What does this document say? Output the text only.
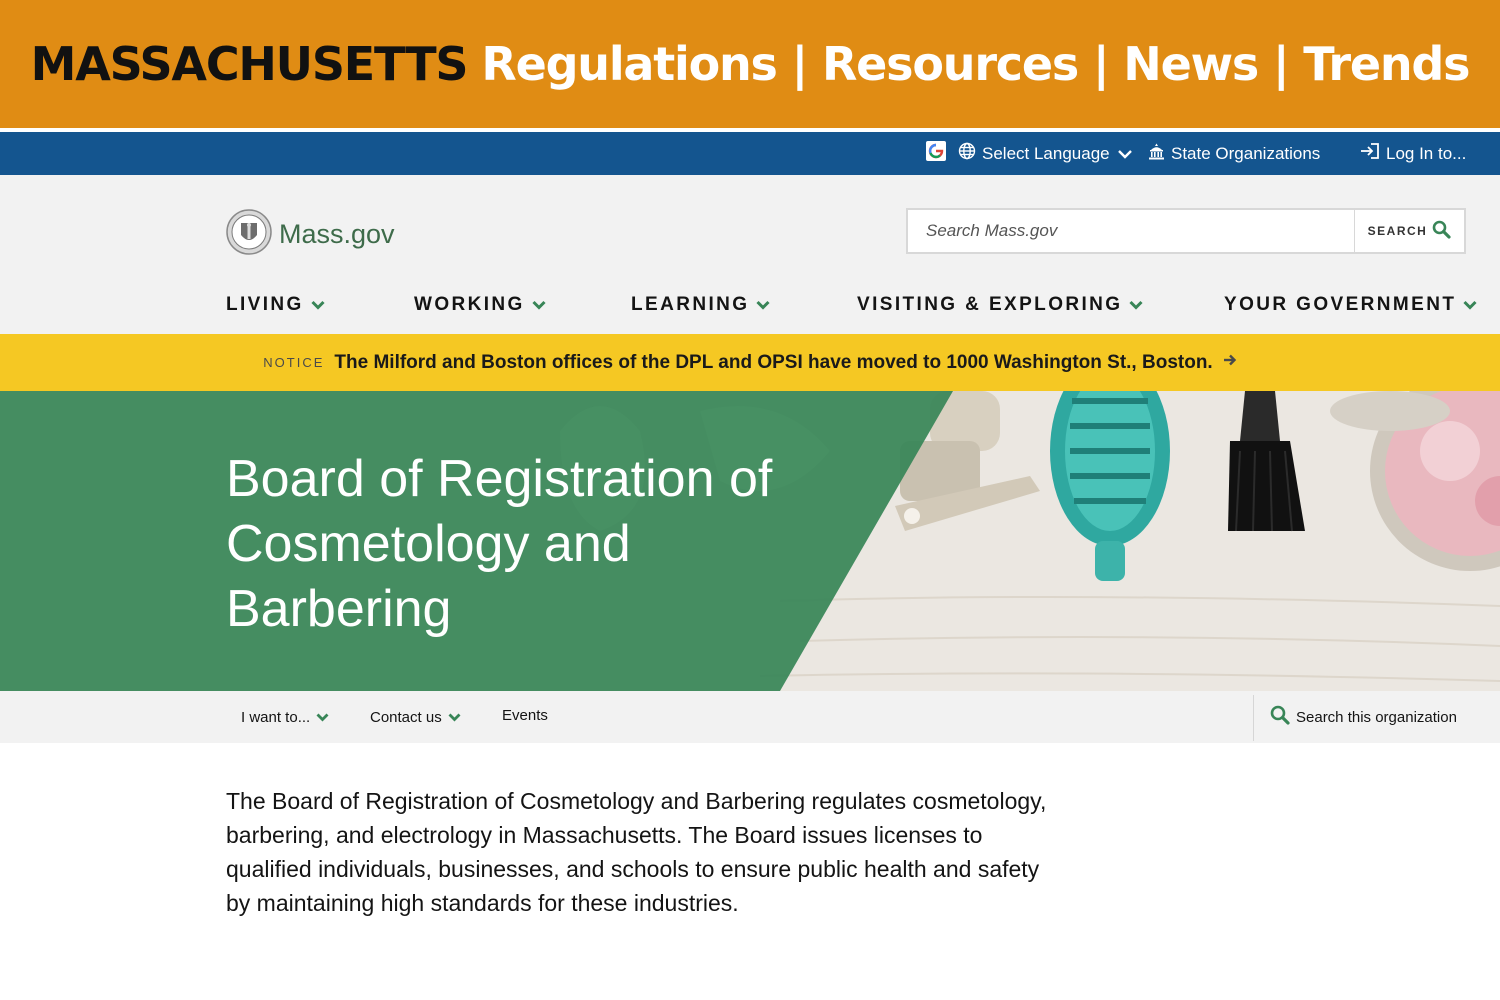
MASSACHUSETTS Regulations | Resources | News | Trends
Select Language	State Organizations	Log In to...
Mass.gov
Search Mass.gov	SEARCH
LIVING	WORKING	LEARNING	VISITING & EXPLORING	YOUR GOVERNMENT
NOTICE The Milford and Boston offices of the DPL and OPSI have moved to 1000 Washington St., Boston.
Board of Registration of Cosmetology and Barbering
I want to...	Contact us	Events	Search this organization

The Board of Registration of Cosmetology and Barbering regulates cosmetology, barbering, and electrology in Massachusetts. The Board issues licenses to qualified individuals, businesses, and schools to ensure public health and safety by maintaining high standards for these industries.
